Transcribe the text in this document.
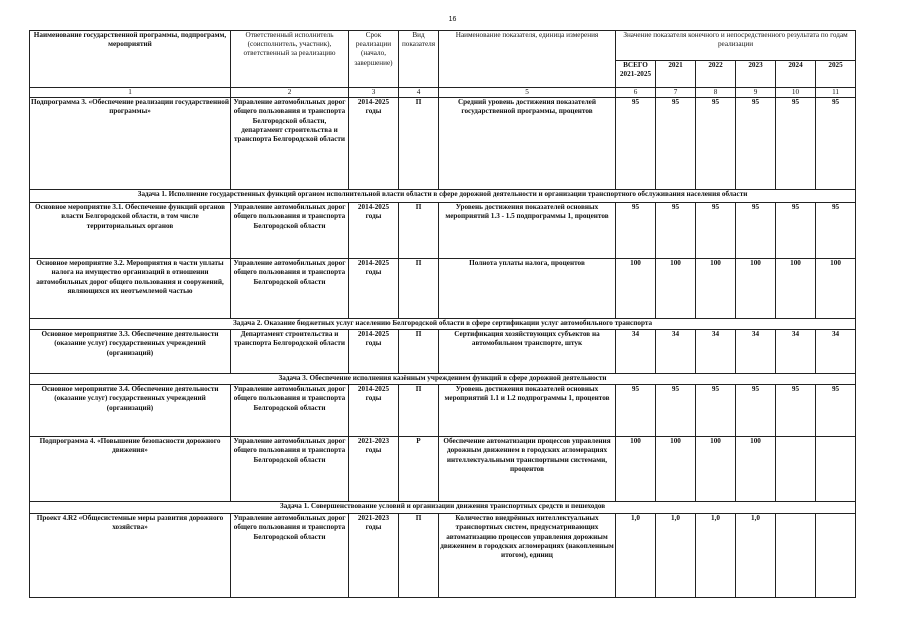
16
Наименование государственной программы, подпрограмм, мероприятий	Ответственный исполнитель (соисполнитель, участник), ответственный за реализацию	Срок реализации (начало, завершение)	Вид показателя	Наименование показателя, единица измерения	Значение показателя конечного и непосредственного результата по годам реализации					
					ВСЕГО 2021-2025	2021	2022	2023	2024	2025
1	2	3	4	5	6	7	8	9	10	11
Подпрограмма 3. «Обеспечение реализации государственной программы»	Управление автомобильных дорог общего пользования и транспорта Белгородской области, департамент строительства и транспорта Белгородской области	2014-2025 годы	П	Средний уровень достижения показателей государственной программы, процентов	95	95	95	95	95	95
Задача 1. Исполнение государственных функций органом исполнительной власти области в сфере дорожной деятельности и организации транспортного обслуживания населения области										
Основное мероприятие 3.1. Обеспечение функций органов власти Белгородской области, в том числе территориальных органов	Управление автомобильных дорог общего пользования и транспорта Белгородской области	2014-2025 годы	П	Уровень достижения показателей основных мероприятий 1.3 - 1.5 подпрограммы 1, процентов	95	95	95	95	95	95
Основное мероприятие 3.2. Мероприятия в части уплаты налога на имущество организаций в отношении автомобильных дорог общего пользования и сооружений, являющихся их неотъемлемой частью	Управление автомобильных дорог общего пользования и транспорта Белгородской области	2014-2025 годы	П	Полнота уплаты налога, процентов	100	100	100	100	100	100
Задача 2. Оказание бюджетных услуг населению Белгородской области в сфере сертификации услуг автомобильного транспорта										
Основное мероприятие 3.3. Обеспечение деятельности (оказание услуг) государственных учреждений (организаций)	Департамент строительства и транспорта Белгородской области	2014-2025 годы	П	Сертификация хозяйствующих субъектов на автомобильном транспорте, штук	34	34	34	34	34	34
Задача 3. Обеспечение исполнения казённым учреждением функций в сфере дорожной деятельности										
Основное мероприятие 3.4. Обеспечение деятельности (оказание услуг) государственных учреждений (организаций)	Управление автомобильных дорог общего пользования и транспорта Белгородской области	2014-2025 годы	П	Уровень достижения показателей основных мероприятий 1.1 и 1.2 подпрограммы 1, процентов	95	95	95	95	95	95
Подпрограмма 4. «Повышение безопасности дорожного движения»	Управление автомобильных дорог общего пользования и транспорта Белгородской области	2021-2023 годы	Р	Обеспечение автоматизации процессов управления дорожным движением в городских агломерациях интеллектуальными транспортными системами, процентов	100	100	100	100		
Задача 1. Совершенствование условий и организации движения транспортных средств и пешеходов										
Проект 4.R2 «Общесистемные меры развития дорожного хозяйства»	Управление автомобильных дорог общего пользования и транспорта Белгородской области	2021-2023 годы	П	Количество внедрённых интеллектуальных транспортных систем, предусматривающих автоматизацию процессов управления дорожным движением в городских агломерациях (накопленным итогом), единиц	1,0	1,0	1,0	1,0		
